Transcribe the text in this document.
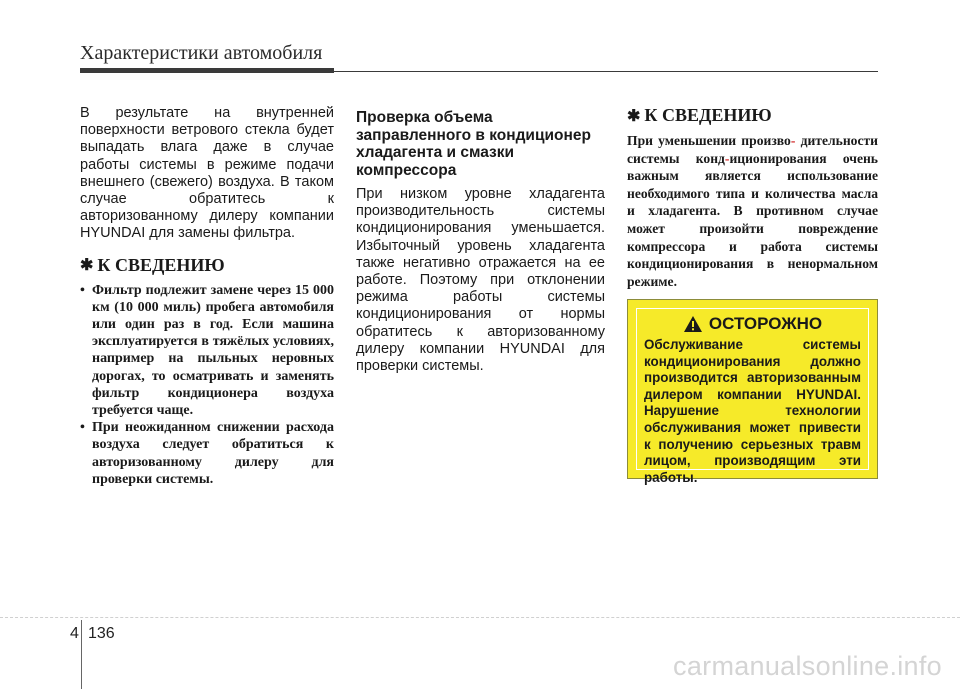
Характеристики автомобиля

В результате на внутренней поверхности ветрового стекла будет выпадать влага даже в случае работы системы в режиме подачи внешнего (свежего) воздуха. В таком случае обратитесь к авторизованному дилеру компании HYUNDAI для замены фильтра.

✱ К СВЕДЕНИЮ
• Фильтр подлежит замене через 15 000 км (10 000 миль) пробега автомобиля или один раз в год. Если машина эксплуатируется в тяжёлых условиях, например на пыльных неровных дорогах, то осматривать и заменять фильтр кондиционера воздуха требуется чаще.
• При неожиданном снижении расхода воздуха следует обратиться к авторизованному дилеру для проверки системы.
Проверка объема заправленного в кондиционер хладагента и смазки компрессора

При низком уровне хладагента производительность системы кондиционирования уменьшается. Избыточный уровень хладагента также негативно отражается на ее работе. Поэтому при отклонении режима работы системы кондиционирования от нормы обратитесь к авторизованному дилеру компании HYUNDAI для проверки системы.

✱ К СВЕДЕНИЮ

При уменьшении произво- дительности системы конд-иционирования очень важным является использование необходимого типа и количества масла и хладагента. В противном случае может произойти повреждение компрессора и работа системы кондиционирования в ненормальном режиме.

ОСТОРОЖНО

Обслуживание системы кондиционирования должно производится авторизованным дилером компании HYUNDAI. Нарушение технологии обслуживания может привести к получению серьезных травм лицом, производящим эти работы.

4 136
carmanualsonline.info
